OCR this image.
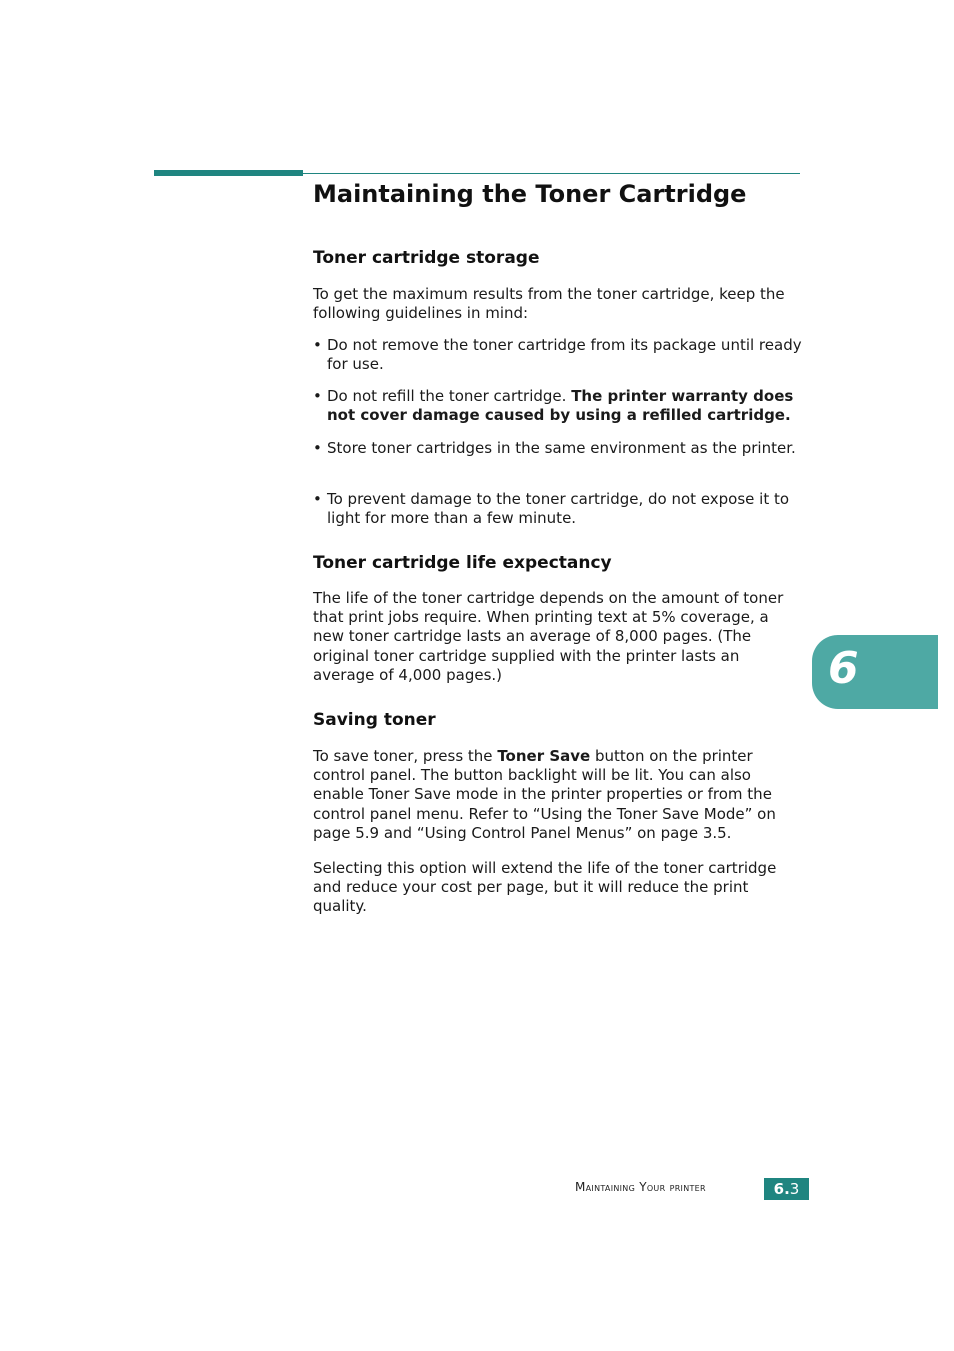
Maintaining the Toner Cartridge
Toner cartridge storage

To get the maximum results from the toner cartridge, keep the following guidelines in mind:

• Do not remove the toner cartridge from its package until ready for use.
• Do not refill the toner cartridge. The printer warranty does not cover damage caused by using a refilled cartridge.
• Store toner cartridges in the same environment as the printer.
• To prevent damage to the toner cartridge, do not expose it to light for more than a few minute.
Toner cartridge life expectancy

The life of the toner cartridge depends on the amount of toner that print jobs require. When printing text at 5% coverage, a new toner cartridge lasts an average of 8,000 pages. (The original toner cartridge supplied with the printer lasts an average of 4,000 pages.)

Saving toner

To save toner, press the Toner Save button on the printer control panel. The button backlight will be lit. You can also enable Toner Save mode in the printer properties or from the control panel menu. Refer to “Using the Toner Save Mode” on page 5.9 and “Using Control Panel Menus” on page 3.5.

Selecting this option will extend the life of the toner cartridge and reduce your cost per page, but it will reduce the print quality.

6
Maintaining Your printer	6.3
